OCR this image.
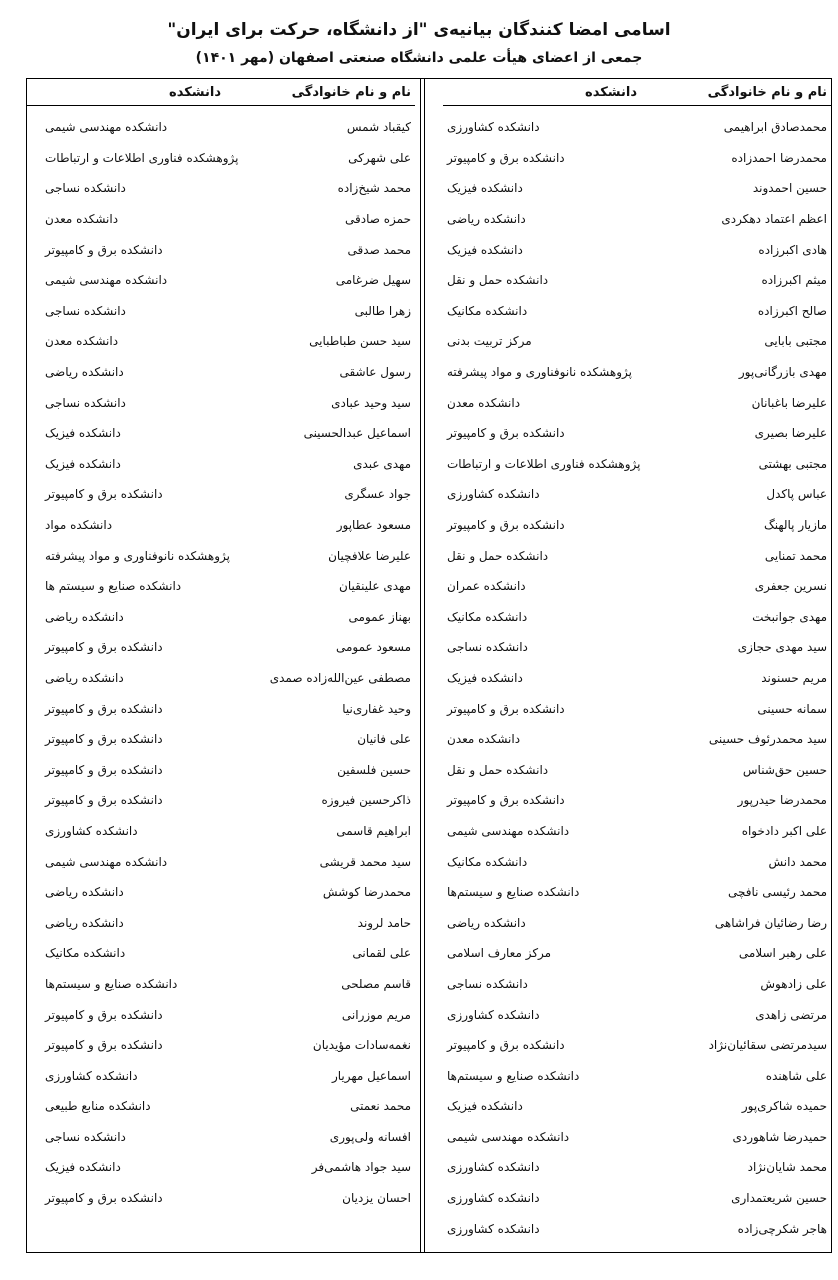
اسامی امضا کنندگان بیانیه‌ی "از دانشگاه، حرکت برای ایران"
جمعی از اعضای هیأت علمی دانشگاه صنعتی اصفهان (مهر ۱۴۰۱)
نام و نام خانوادگی
دانشکده
محمدصادق ابراهیمی
دانشکده کشاورزی
محمدرضا احمدزاده
دانشکده برق و کامپیوتر
حسین احمدوند
دانشکده فیزیک
اعظم اعتماد دهکردی
دانشکده ریاضی
هادی اکبرزاده
دانشکده فیزیک
میثم اکبرزاده
دانشکده حمل و نقل
صالح اکبرزاده
دانشکده مکانیک
مجتبی بابایی
مرکز تربیت بدنی
مهدی بازرگانی‌پور
پژوهشکده نانوفناوری و مواد پیشرفته
علیرضا باغبانان
دانشکده معدن
علیرضا بصیری
دانشکده برق و کامپیوتر
مجتبی بهشتی
پژوهشکده فناوری اطلاعات و ارتباطات
عباس پاکدل
دانشکده کشاورزی
مازیار پالهنگ
دانشکده برق و کامپیوتر
محمد تمنایی
دانشکده حمل و نقل
نسرین جعفری
دانشکده عمران
مهدی جوانبخت
دانشکده مکانیک
سید مهدی حجازی
دانشکده نساجی
مریم حسنوند
دانشکده فیزیک
سمانه حسینی
دانشکده برق و کامپیوتر
سید محمدرئوف حسینی
دانشکده معدن
حسین حق‌شناس
دانشکده حمل و نقل
محمدرضا حیدرپور
دانشکده برق و کامپیوتر
علی اکبر دادخواه
دانشکده مهندسی شیمی
محمد دانش
دانشکده مکانیک
محمد رئیسی نافچی
دانشکده صنایع و سیستم‌ها
رضا رضائیان فراشاهی
دانشکده ریاضی
علی رهبر اسلامی
مرکز معارف اسلامی
علی زادهوش
دانشکده نساجی
مرتضی زاهدی
دانشکده کشاورزی
سیدمرتضی سقائیان‌نژاد
دانشکده برق و کامپیوتر
علی شاهنده
دانشکده صنایع و سیستم‌ها
حمیده شاکری‌پور
دانشکده فیزیک
حمیدرضا شاهوردی
دانشکده مهندسی شیمی
محمد شایان‌نژاد
دانشکده کشاورزی
حسین شریعتمداری
دانشکده کشاورزی
هاجر شکرچی‌زاده
دانشکده کشاورزی
نام و نام خانوادگی
دانشکده
کیقباد شمس
دانشکده مهندسی شیمی
علی شهرکی
پژوهشکده فناوری اطلاعات و ارتباطات
محمد شیخ‌زاده
دانشکده نساجی
حمزه صادقی
دانشکده معدن
محمد صدقی
دانشکده برق و کامپیوتر
سهیل ضرغامی
دانشکده مهندسی شیمی
زهرا طالبی
دانشکده نساجی
سید حسن طباطبایی
دانشکده معدن
رسول عاشقی
دانشکده ریاضی
سید وحید عبادی
دانشکده نساجی
اسماعیل عبدالحسینی
دانشکده فیزیک
مهدی عبدی
دانشکده فیزیک
جواد عسگری
دانشکده برق و کامپیوتر
مسعود عطاپور
دانشکده مواد
علیرضا علافچیان
پژوهشکده نانوفناوری و مواد پیشرفته
مهدی علینقیان
دانشکده صنایع و سیستم ها
بهناز عمومی
دانشکده ریاضی
مسعود عمومی
دانشکده برق و کامپیوتر
مصطفی عین‌الله‌زاده صمدی
دانشکده ریاضی
وحید غفاری‌نیا
دانشکده برق و کامپیوتر
علی فانیان
دانشکده برق و کامپیوتر
حسین فلسفین
دانشکده برق و کامپیوتر
ذاکرحسین فیروزه
دانشکده برق و کامپیوتر
ابراهیم قاسمی
دانشکده کشاورزی
سید محمد قریشی
دانشکده مهندسی شیمی
محمدرضا کوشش
دانشکده ریاضی
حامد لروند
دانشکده ریاضی
علی لقمانی
دانشکده مکانیک
قاسم مصلحی
دانشکده صنایع و سیستم‌ها
مریم موزرانی
دانشکده برق و کامپیوتر
نغمه‌سادات مؤیدیان
دانشکده برق و کامپیوتر
اسماعیل مهریار
دانشکده کشاورزی
محمد نعمتی
دانشکده منابع طبیعی
افسانه ولی‌پوری
دانشکده نساجی
سید جواد هاشمی‌فر
دانشکده فیزیک
احسان یزدیان
دانشکده برق و کامپیوتر
